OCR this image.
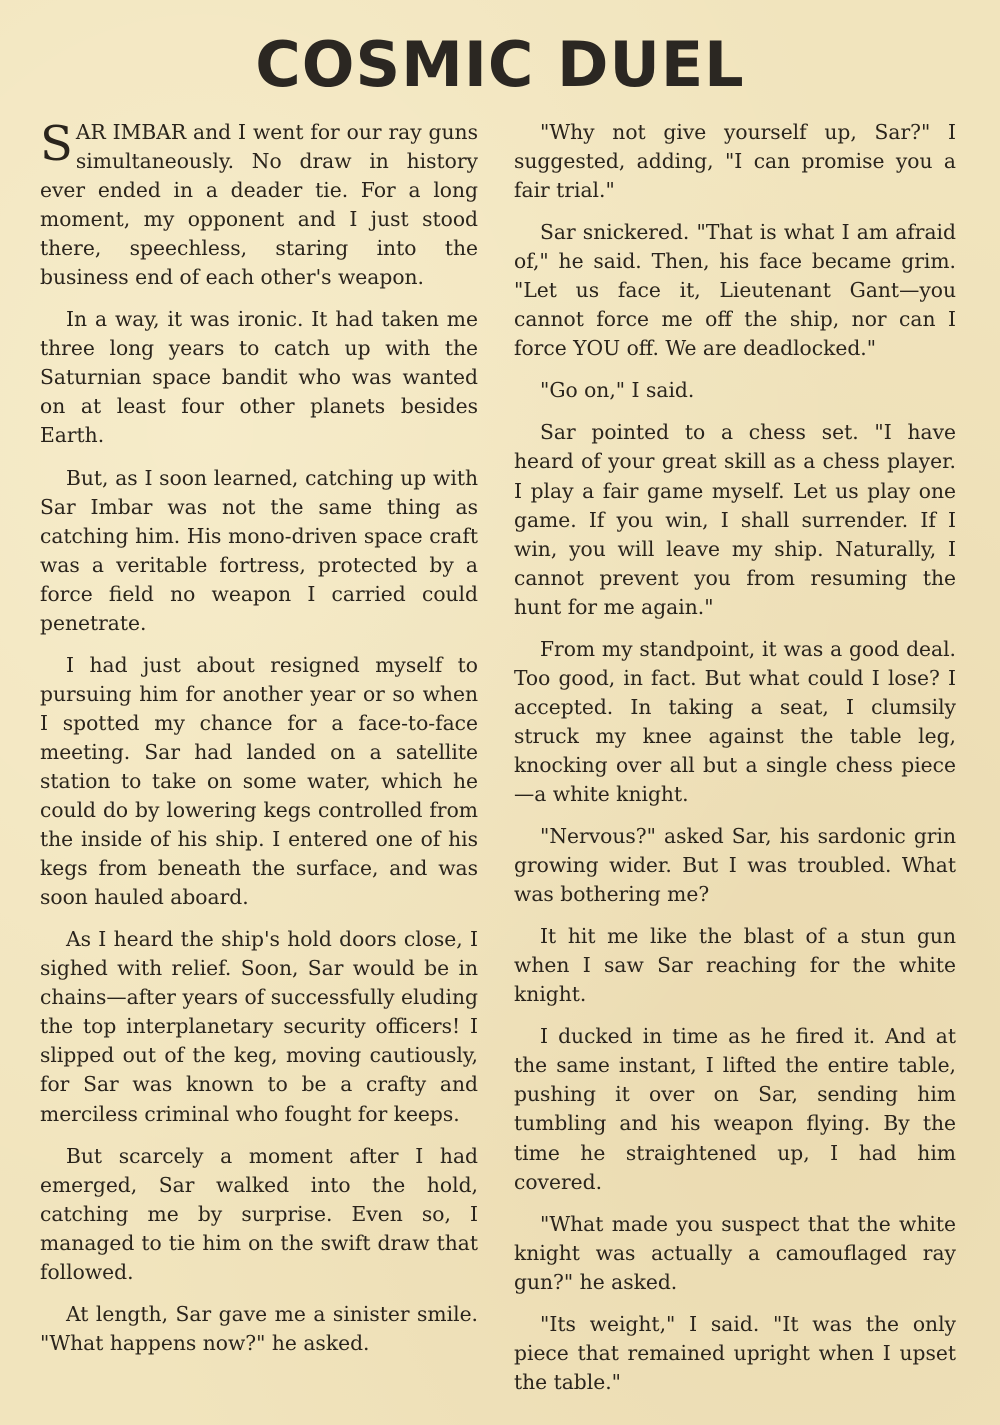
COSMIC DUEL

SAR IMBAR and I went for our ray guns simultaneously. No draw in history ever ended in a deader tie. For a long moment, my opponent and I just stood there, speechless, staring into the business end of each other's weapon.

In a way, it was ironic. It had taken me three long years to catch up with the Saturnian space bandit who was wanted on at least four other planets besides Earth.

But, as I soon learned, catching up with Sar Imbar was not the same thing as catching him. His mono-driven space craft was a veritable fortress, protected by a force field no weapon I carried could penetrate.

I had just about resigned myself to pursuing him for another year or so when I spotted my chance for a face-to-face meeting. Sar had landed on a satellite station to take on some water, which he could do by lowering kegs controlled from the inside of his ship. I entered one of his kegs from beneath the surface, and was soon hauled aboard.

As I heard the ship's hold doors close, I sighed with relief. Soon, Sar would be in chains—after years of successfully eluding the top interplanetary security officers! I slipped out of the keg, moving cautiously, for Sar was known to be a crafty and merciless criminal who fought for keeps.

But scarcely a moment after I had emerged, Sar walked into the hold, catching me by surprise. Even so, I managed to tie him on the swift draw that followed.

At length, Sar gave me a sinister smile. "What happens now?" he asked.

"Why not give yourself up, Sar?" I suggested, adding, "I can promise you a fair trial."

Sar snickered. "That is what I am afraid of," he said. Then, his face became grim. "Let us face it, Lieutenant Gant—you cannot force me off the ship, nor can I force YOU off. We are deadlocked."

"Go on," I said.

Sar pointed to a chess set. "I have heard of your great skill as a chess player. I play a fair game myself. Let us play one game. If you win, I shall surrender. If I win, you will leave my ship. Naturally, I cannot prevent you from resuming the hunt for me again."

From my standpoint, it was a good deal. Too good, in fact. But what could I lose? I accepted. In taking a seat, I clumsily struck my knee against the table leg, knocking over all but a single chess piece—a white knight.

"Nervous?" asked Sar, his sardonic grin growing wider. But I was troubled. What was bothering me?

It hit me like the blast of a stun gun when I saw Sar reaching for the white knight.

I ducked in time as he fired it. And at the same instant, I lifted the entire table, pushing it over on Sar, sending him tumbling and his weapon flying. By the time he straightened up, I had him covered.

"What made you suspect that the white knight was actually a camouflaged ray gun?" he asked.

"Its weight," I said. "It was the only piece that remained upright when I upset the table."
